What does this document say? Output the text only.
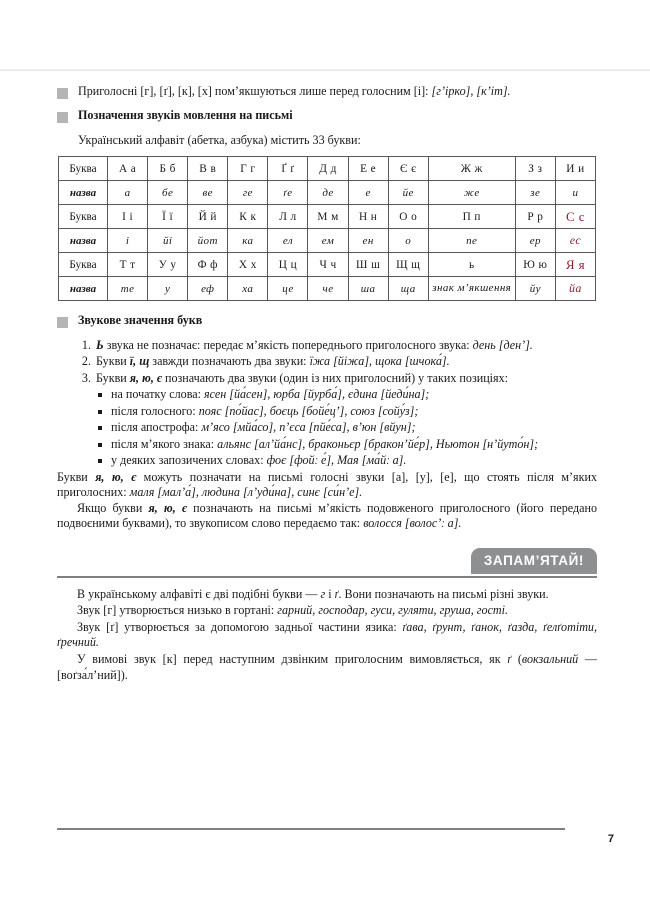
Приголосні [г], [ґ], [к], [х] пом’якшуються лише перед голосним [і]: [г’ірко], [к’іт].
Позначення звуків мовлення на письмі
Український алфавіт (абетка, азбука) містить 33 букви:
Буква	А а	Б б	В в	Г г	Ґ ґ	Д д	Е е	Є є	Ж ж	З з	И и
назва	а	бе	ве	ге	ґе	де	е	йе	же	зе	и
Буква	І і	Ї ї	Й й	К к	Л л	М м	Н н	О о	П п	Р р	С с
назва	і	йі	йот	ка	ел	ем	ен	о	пе	ер	ес
Буква	Т т	У у	Ф ф	Х х	Ц ц	Ч ч	Ш ш	Щ щ	ь	Ю ю	Я я
назва	те	у	еф	ха	це	че	ша	ща	знак м’якшення	йу	йа
Звукове значення букв
1. Ь звука не позначає: передає м’якість попереднього приголосного звука: день [ден’].
2. Букви ї, щ завжди позначають два звуки: їжа [йіжа], щока [шчока́].
3. Букви я, ю, є позначають два звуки (один із них приголосний) у таких позиціях:
на початку слова: ясен [йа́сен], юрба [йурба́], єдина [йеди́на];
після голосного: пояс [по́йас], боєць [бойе́ц’], союз [сойу́з];
після апострофа: м’ясо [мйа́со], п’єса [пйе́са], в’юн [вйун];
після м’якого знака: альянс [ал’йа́нс], браконьєр [бракон’йе́р], Ньютон [н’йуто́н];
у деяких запозичених словах: фоє [фойː е́], Мая [ма́йː а].

Букви я, ю, є можуть позначати на письмі голосні звуки [а], [у], [е], що стоять після м’яких приголосних: маля [мал’а́], людина [л’уди́на], синє [си́н’е].

Якщо букви я, ю, є позначають на письмі м’якість подовженого приголосного (його передано подвоєними буквами), то звукописом слово передаємо так: волосся [волос’ː а].

ЗАПАМ’ЯТАЙ!

В українському алфавіті є дві подібні букви — г і ґ. Вони позначають на письмі різні звуки.

Звук [г] утворюється низько в гортані: гарний, господар, гуси, гуляти, груша, гості.

Звук [ґ] утворюється за допомогою задньої частини язика: ґава, ґрунт, ґанок, ґазда, ґелґотіти, ґречний.

У вимові звук [к] перед наступним дзвінким приголосним вимовляється, як ґ (вокзальний — [воґза́л’ний]).

7
